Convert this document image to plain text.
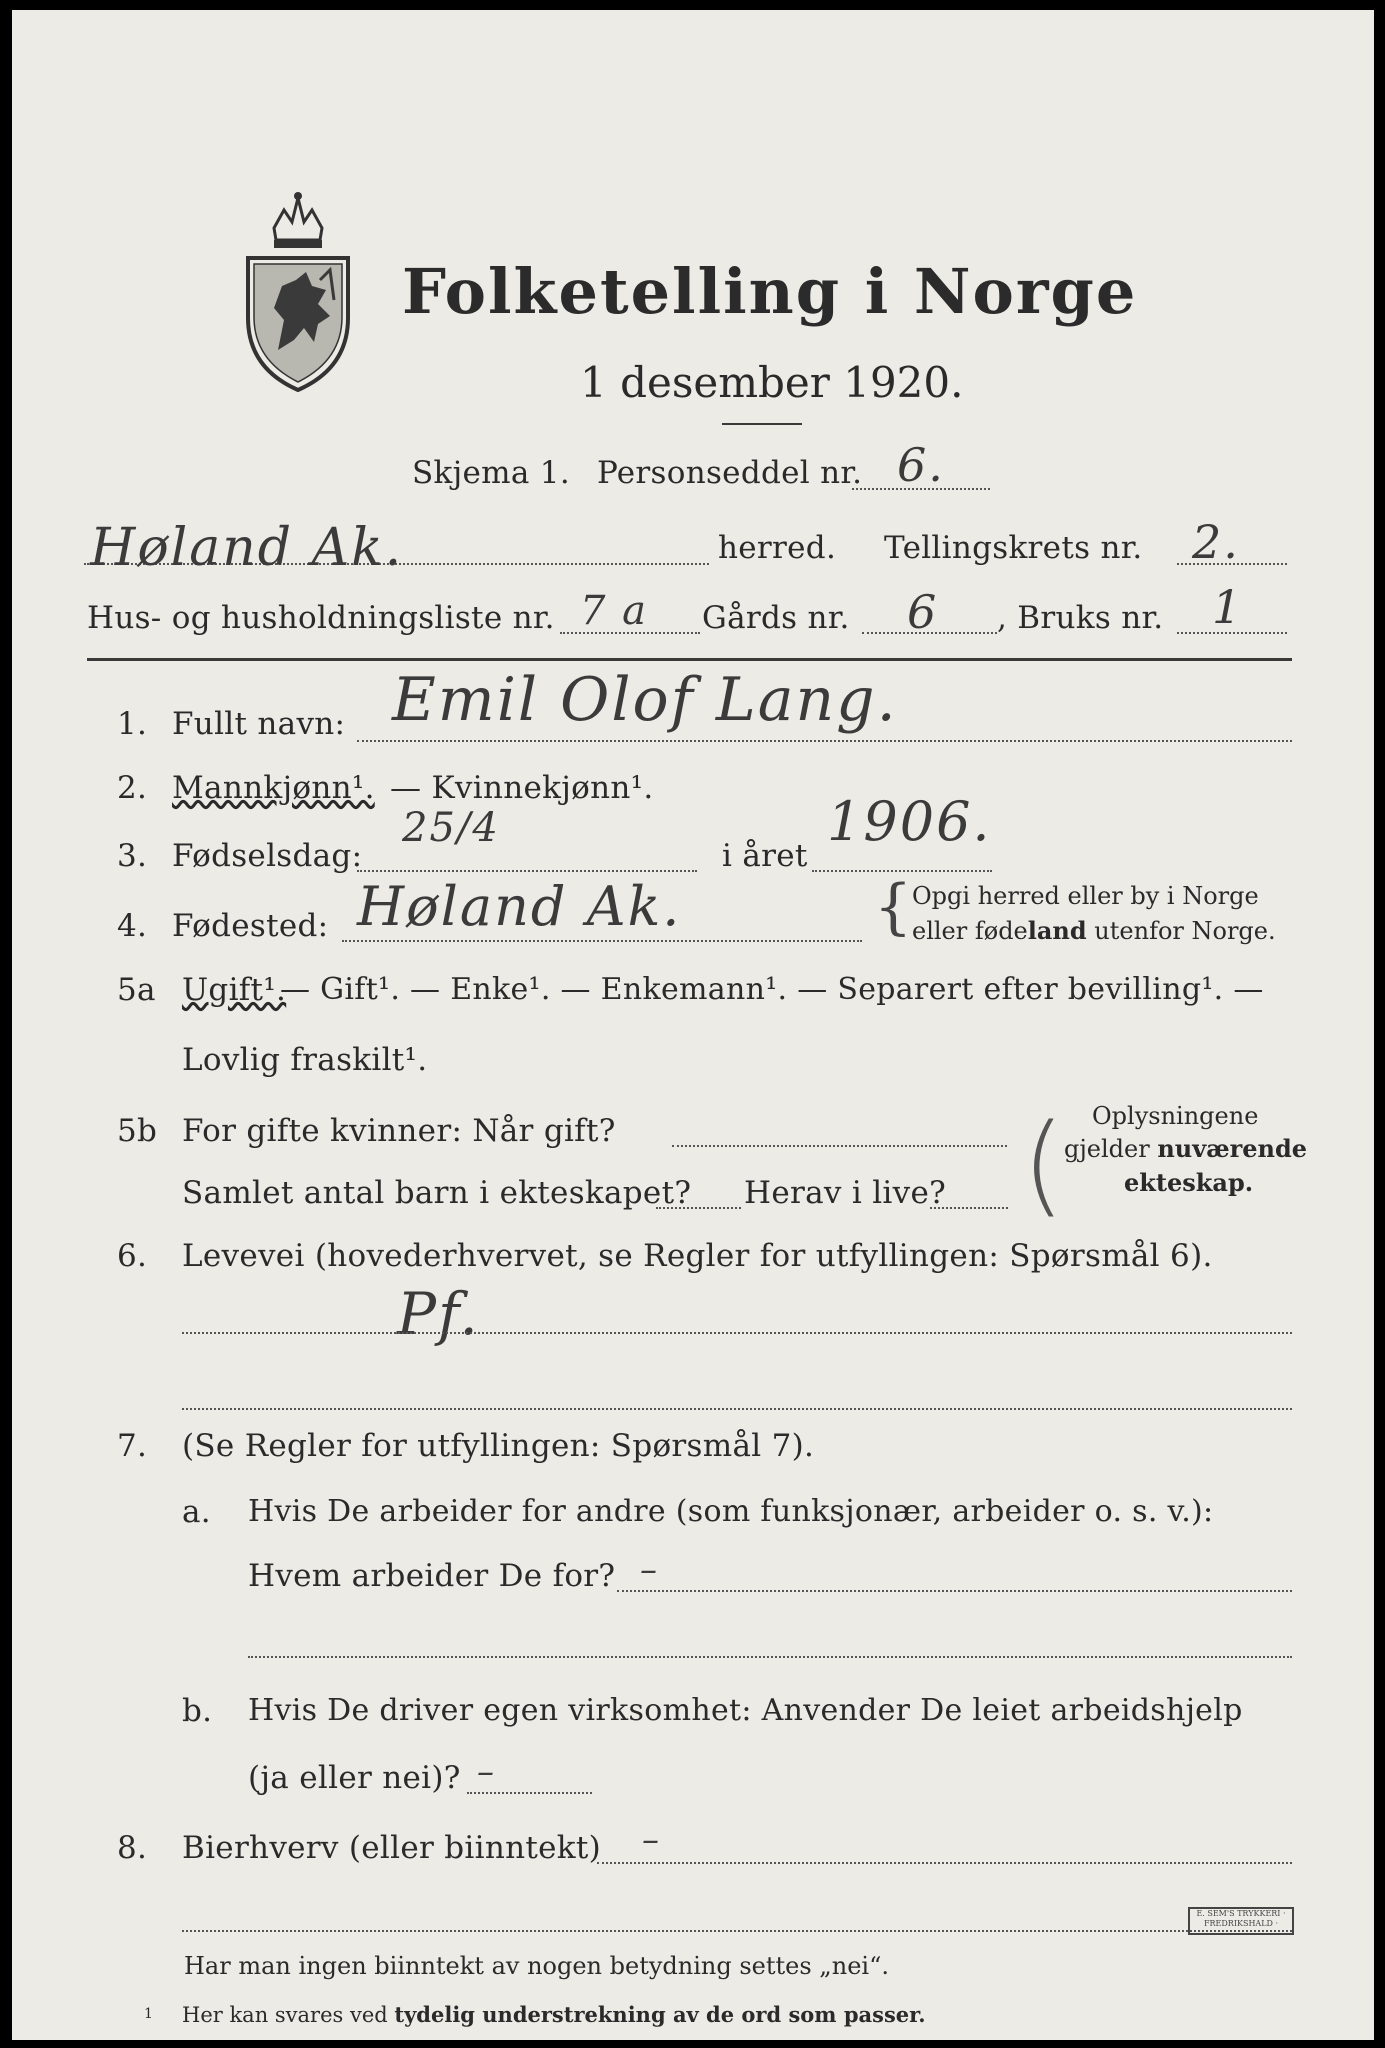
Folketelling i Norge
1 desember 1920.
Skjema 1. Personseddel nr. 6.
Høland Ak.	herred. Tellingskrets nr. 2.
Hus- og husholdningsliste nr. 7 a Gårds nr. 6 , Bruks nr. 1
1. Fullt navn: Emil Olof Lang.
2. Mannkjønn¹. — Kvinnekjønn¹.
3. Fødselsdag:
25/4
i året
1906.
4. Fødested: Høland Ak.	{ Opgi herred eller by i Norge
eller fødeland utenfor Norge.
5a Ugift¹.
— Gift¹. — Enke¹. — Enkemann¹. — Separert efter bevilling¹. —
Lovlig fraskilt¹.
5b For gifte kvinner: Når gift?
Samlet antal barn i ekteskapet? Herav i live? ( Oplysningene
gjelder nuværende
ekteskap.
6. Levevei (hovederhvervet, se Regler for utfyllingen: Spørsmål 6).
Pf.
7. (Se Regler for utfyllingen: Spørsmål 7).
a. Hvis De arbeider for andre (som funksjonær, arbeider o. s. v.):
Hvem arbeider De for? –
b. Hvis De driver egen virksomhet: Anvender De leiet arbeidshjelp
(ja eller nei)? –
8. Bierhverv (eller biinntekt) –
Har man ingen biinntekt av nogen betydning settes „nei“.
1 Her kan svares ved tydelig understrekning av de ord som passer.
E. SEM'S TRYKKERI · FREDRIKSHALD ·
